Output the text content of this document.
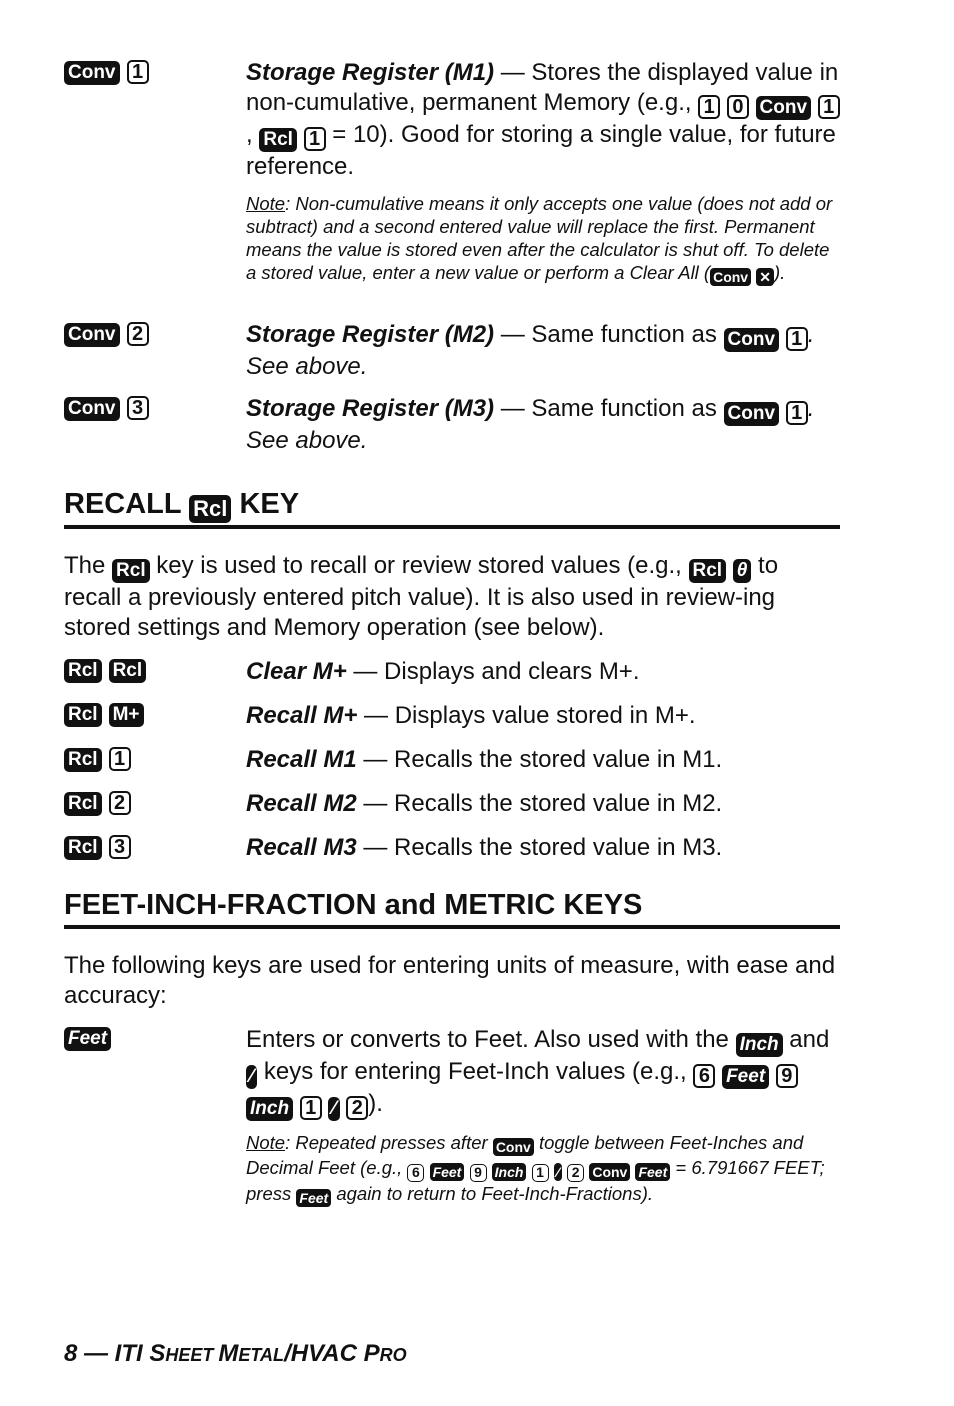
Conv 1	Storage Register (M1) — Stores the displayed value in non-cumulative, permanent Memory (e.g., 1 0 Conv 1, Rcl 1 = 10). Good for storing a single value, for future reference.
Note: Non-cumulative means it only accepts one value (does not add or subtract) and a second entered value will replace the first. Permanent means the value is stored even after the calculator is shut off. To delete a stored value, enter a new value or perform a Clear All ( Conv ✕ ).
Conv 2	Storage Register (M2) — Same function as Conv 1 . See above.
Conv 3	Storage Register (M3) — Same function as Conv 1 . See above.
RECALL Rcl KEY
The Rcl key is used to recall or review stored values (e.g., Rcl θ to recall a previously entered pitch value). It is also used in review-ing stored settings and Memory operation (see below).
Rcl Rcl	Clear M+ — Displays and clears M+.
Rcl M+	Recall M+ — Displays value stored in M+.
Rcl 1	Recall M1 — Recalls the stored value in M1.
Rcl 2	Recall M2 — Recalls the stored value in M2.
Rcl 3	Recall M3 — Recalls the stored value in M3.
FEET-INCH-FRACTION and METRIC KEYS
The following keys are used for entering units of measure, with ease and accuracy:
Feet	Enters or converts to Feet. Also used with the Inch and ⁄ keys for entering Feet-Inch values (e.g., 6 Feet 9 Inch 1 ⁄ 2 ).
Note: Repeated presses after Conv toggle between Feet-Inches and Decimal Feet (e.g., 6 Feet 9 Inch 1 ⁄ 2 Conv Feet = 6.791667 FEET; press Feet again to return to Feet-Inch-Fractions).
8 — ITI SHEET METAL/HVAC PRO
